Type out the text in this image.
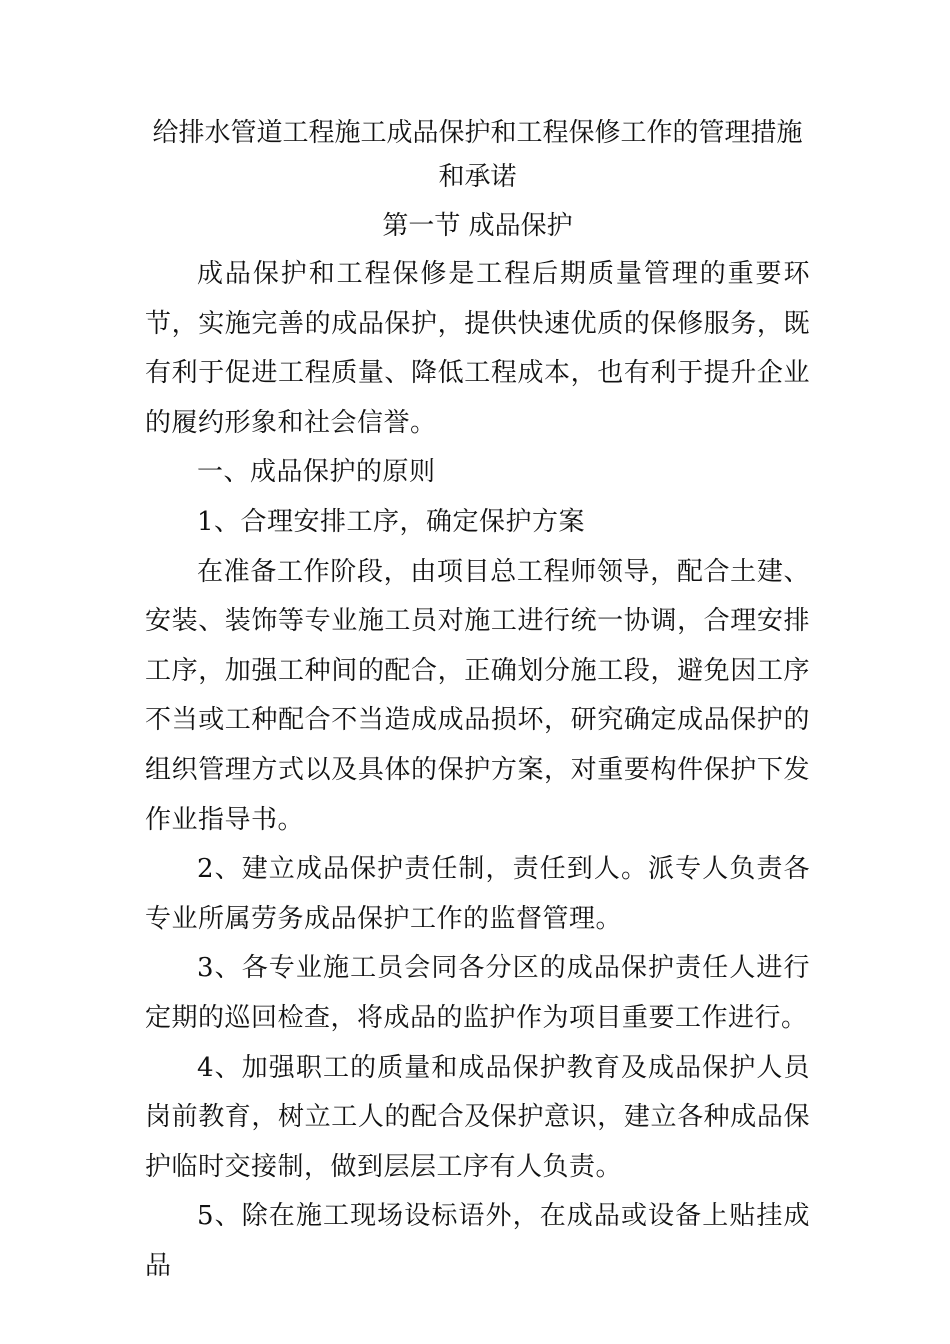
给排水管道工程施工成品保护和工程保修工作的管理措施
和承诺
第一节 成品保护

成品保护和工程保修是工程后期质量管理的重要环节，实施完善的成品保护，提供快速优质的保修服务，既有利于促进工程质量、降低工程成本，也有利于提升企业的履约形象和社会信誉。

一、成品保护的原则

1、合理安排工序，确定保护方案

在准备工作阶段，由项目总工程师领导，配合土建、安装、装饰等专业施工员对施工进行统一协调，合理安排工序，加强工种间的配合，正确划分施工段，避免因工序不当或工种配合不当造成成品损坏，研究确定成品保护的组织管理方式以及具体的保护方案，对重要构件保护下发作业指导书。

2、建立成品保护责任制，责任到人。派专人负责各专业所属劳务成品保护工作的监督管理。

3、各专业施工员会同各分区的成品保护责任人进行定期的巡回检查，将成品的监护作为项目重要工作进行。

4、加强职工的质量和成品保护教育及成品保护人员岗前教育，树立工人的配合及保护意识，建立各种成品保护临时交接制，做到层层工序有人负责。

5、除在施工现场设标语外，在成品或设备上贴挂成品
